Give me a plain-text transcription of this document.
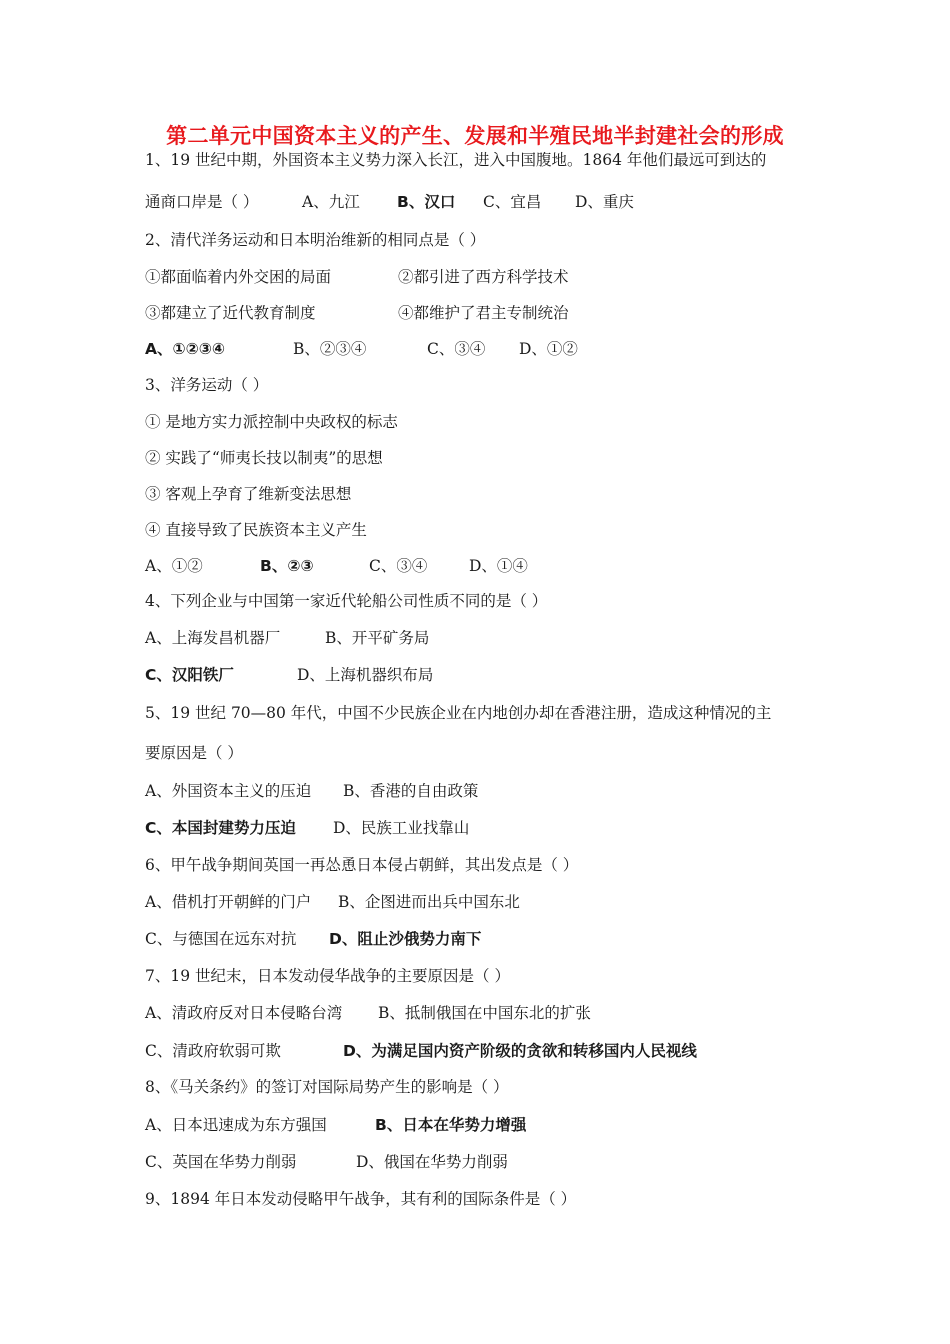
第二单元中国资本主义的产生、发展和半殖民地半封建社会的形成
1、19 世纪中期，外国资本主义势力深入长江，进入中国腹地。1864 年他们最远可到达的
通商口岸是（ ）	A、九江 B、汉口 C、宜昌 D、重庆
2、清代洋务运动和日本明治维新的相同点是（ ）
①都面临着内外交困的局面	②都引进了西方科学技术
③都建立了近代教育制度	④都维护了君主专制统治
A、①②③④	B、②③④	C、③④ D、①②
3、洋务运动（ ）
① 是地方实力派控制中央政权的标志
② 实践了“师夷长技以制夷”的思想
③ 客观上孕育了维新变法思想
④ 直接导致了民族资本主义产生
A、①②	B、②③	C、③④	D、①④
4、下列企业与中国第一家近代轮船公司性质不同的是（ ）
A、上海发昌机器厂	B、开平矿务局
C、汉阳铁厂	D、上海机器织布局
5、19 世纪 70—80 年代，中国不少民族企业在内地创办却在香港注册，造成这种情况的主
要原因是（ ）
A、外国资本主义的压迫 B、香港的自由政策
C、本国封建势力压迫 D、民族工业找靠山
6、甲午战争期间英国一再怂恿日本侵占朝鲜，其出发点是（ ）
A、借机打开朝鲜的门户 B、企图进而出兵中国东北
C、与德国在远东对抗 D、阻止沙俄势力南下
7、19 世纪末，日本发动侵华战争的主要原因是（ ）
A、清政府反对日本侵略台湾 B、抵制俄国在中国东北的扩张
C、清政府软弱可欺	D、为满足国内资产阶级的贪欲和转移国内人民视线
8、《马关条约》的签订对国际局势产生的影响是（ ）
A、日本迅速成为东方强国	B、日本在华势力增强
C、英国在华势力削弱	D、俄国在华势力削弱
9、1894 年日本发动侵略甲午战争，其有利的国际条件是（ ）
